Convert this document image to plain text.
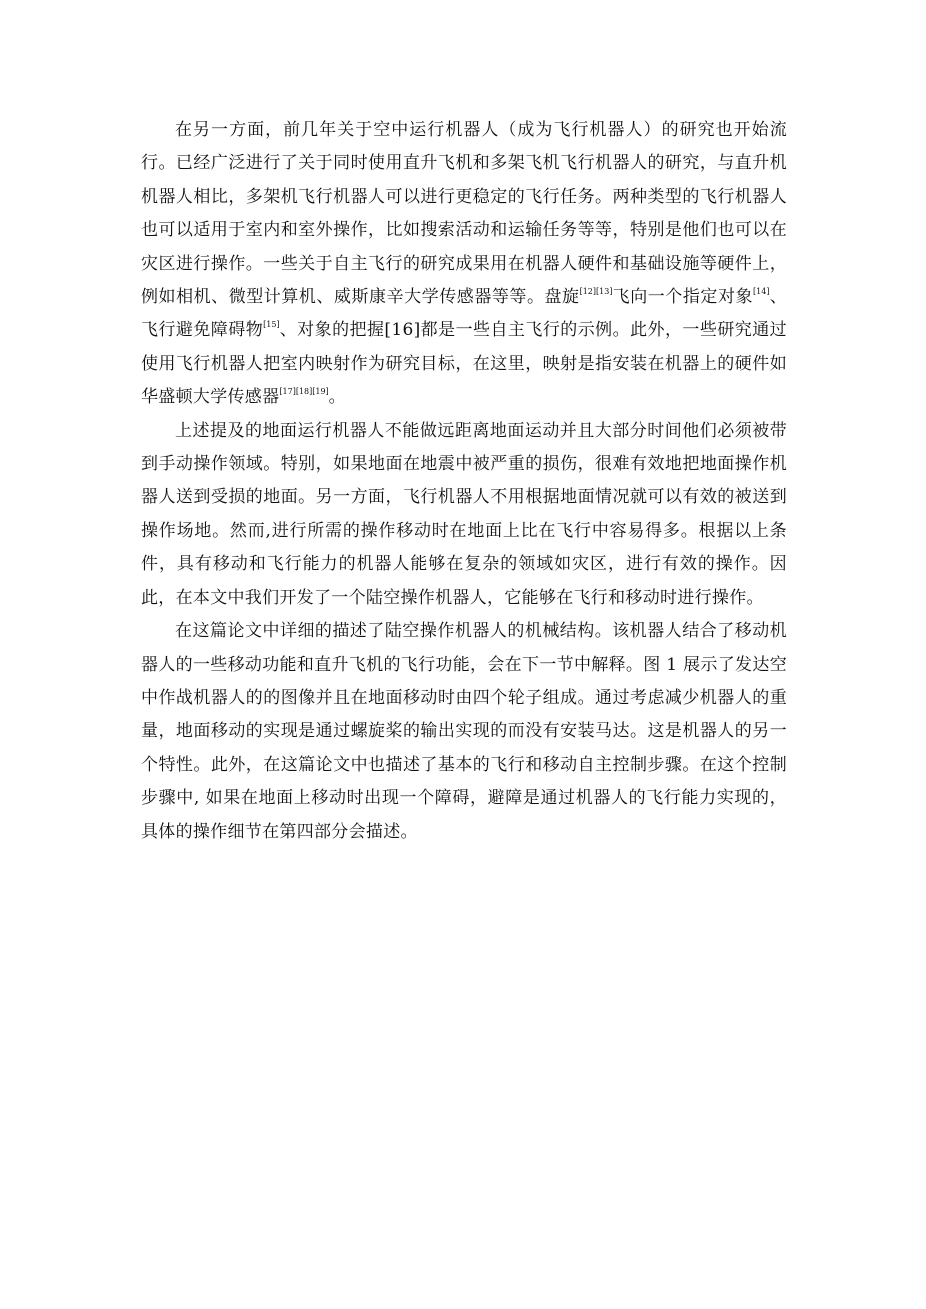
在另一方面，前几年关于空中运行机器人（成为飞行机器人）的研究也开始流行。已经广泛进行了关于同时使用直升飞机和多架飞机飞行机器人的研究，与直升机机器人相比，多架机飞行机器人可以进行更稳定的飞行任务。两种类型的飞行机器人也可以适用于室内和室外操作，比如搜索活动和运输任务等等，特别是他们也可以在灾区进行操作。一些关于自主飞行的研究成果用在机器人硬件和基础设施等硬件上，例如相机、微型计算机、威斯康辛大学传感器等等。盘旋[12][13]飞向一个指定对象[14]、飞行避免障碍物[15]、对象的把握[16]都是一些自主飞行的示例。此外，一些研究通过使用飞行机器人把室内映射作为研究目标，在这里，映射是指安装在机器上的硬件如华盛顿大学传感器[17][18][19]。

上述提及的地面运行机器人不能做远距离地面运动并且大部分时间他们必须被带到手动操作领域。特别，如果地面在地震中被严重的损伤，很难有效地把地面操作机器人送到受损的地面。另一方面，飞行机器人不用根据地面情况就可以有效的被送到操作场地。然而,进行所需的操作移动时在地面上比在飞行中容易得多。根据以上条件，具有移动和飞行能力的机器人能够在复杂的领域如灾区，进行有效的操作。因此，在本文中我们开发了一个陆空操作机器人，它能够在飞行和移动时进行操作。

在这篇论文中详细的描述了陆空操作机器人的机械结构。该机器人结合了移动机器人的一些移动功能和直升飞机的飞行功能，会在下一节中解释。图 1 展示了发达空中作战机器人的的图像并且在地面移动时由四个轮子组成。通过考虑减少机器人的重量，地面移动的实现是通过螺旋桨的输出实现的而没有安装马达。这是机器人的另一个特性。此外，在这篇论文中也描述了基本的飞行和移动自主控制步骤。在这个控制步骤中, 如果在地面上移动时出现一个障碍，避障是通过机器人的飞行能力实现的，具体的操作细节在第四部分会描述。
